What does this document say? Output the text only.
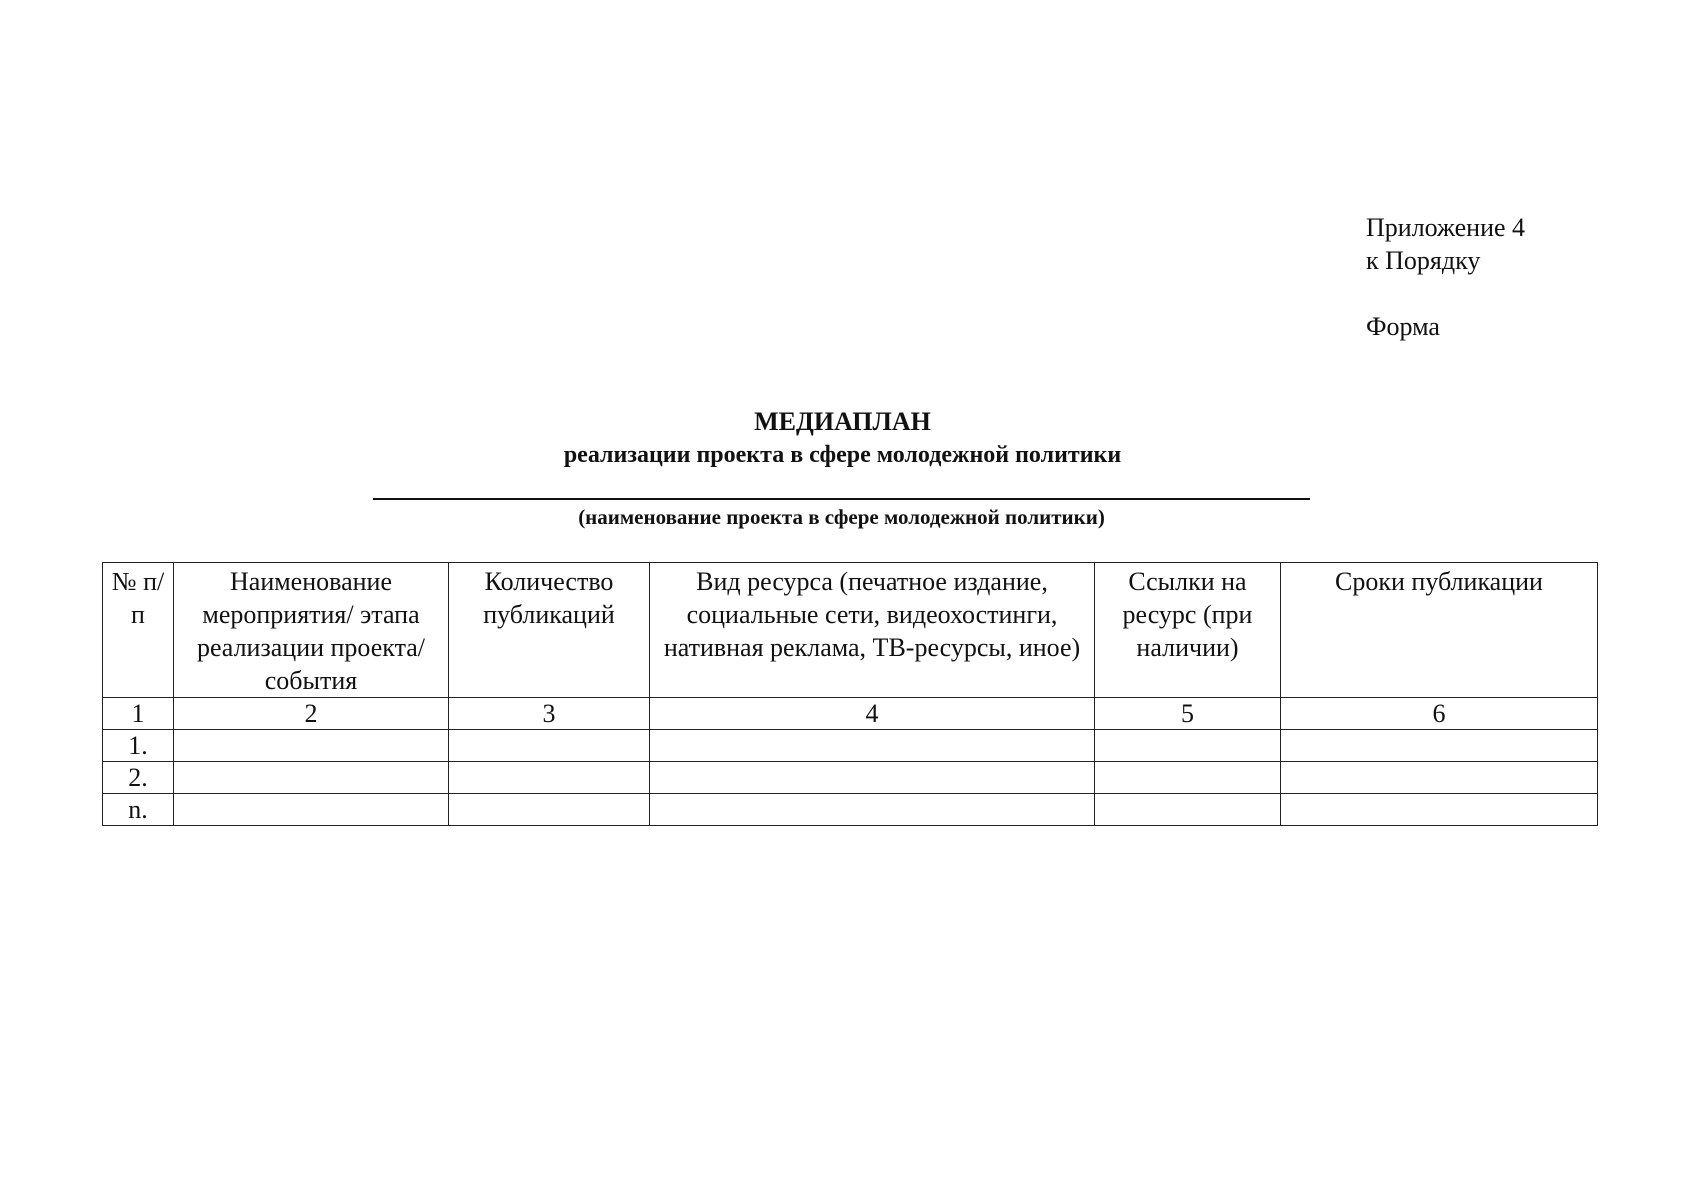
Приложение 4
к Порядку
Форма
МЕДИАПЛАН
реализации проекта в сфере молодежной политики
(наименование проекта в сфере молодежной политики)
№ п/п	Наименование мероприятия/ этапа реализации проекта/события	Количество публикаций	Вид ресурса (печатное издание, социальные сети, видеохостинги, нативная реклама, ТВ-ресурсы, иное)	Ссылки на ресурс (при наличии)	Сроки публикации
1	2	3	4	5	6
1.					
2.					
n.					
